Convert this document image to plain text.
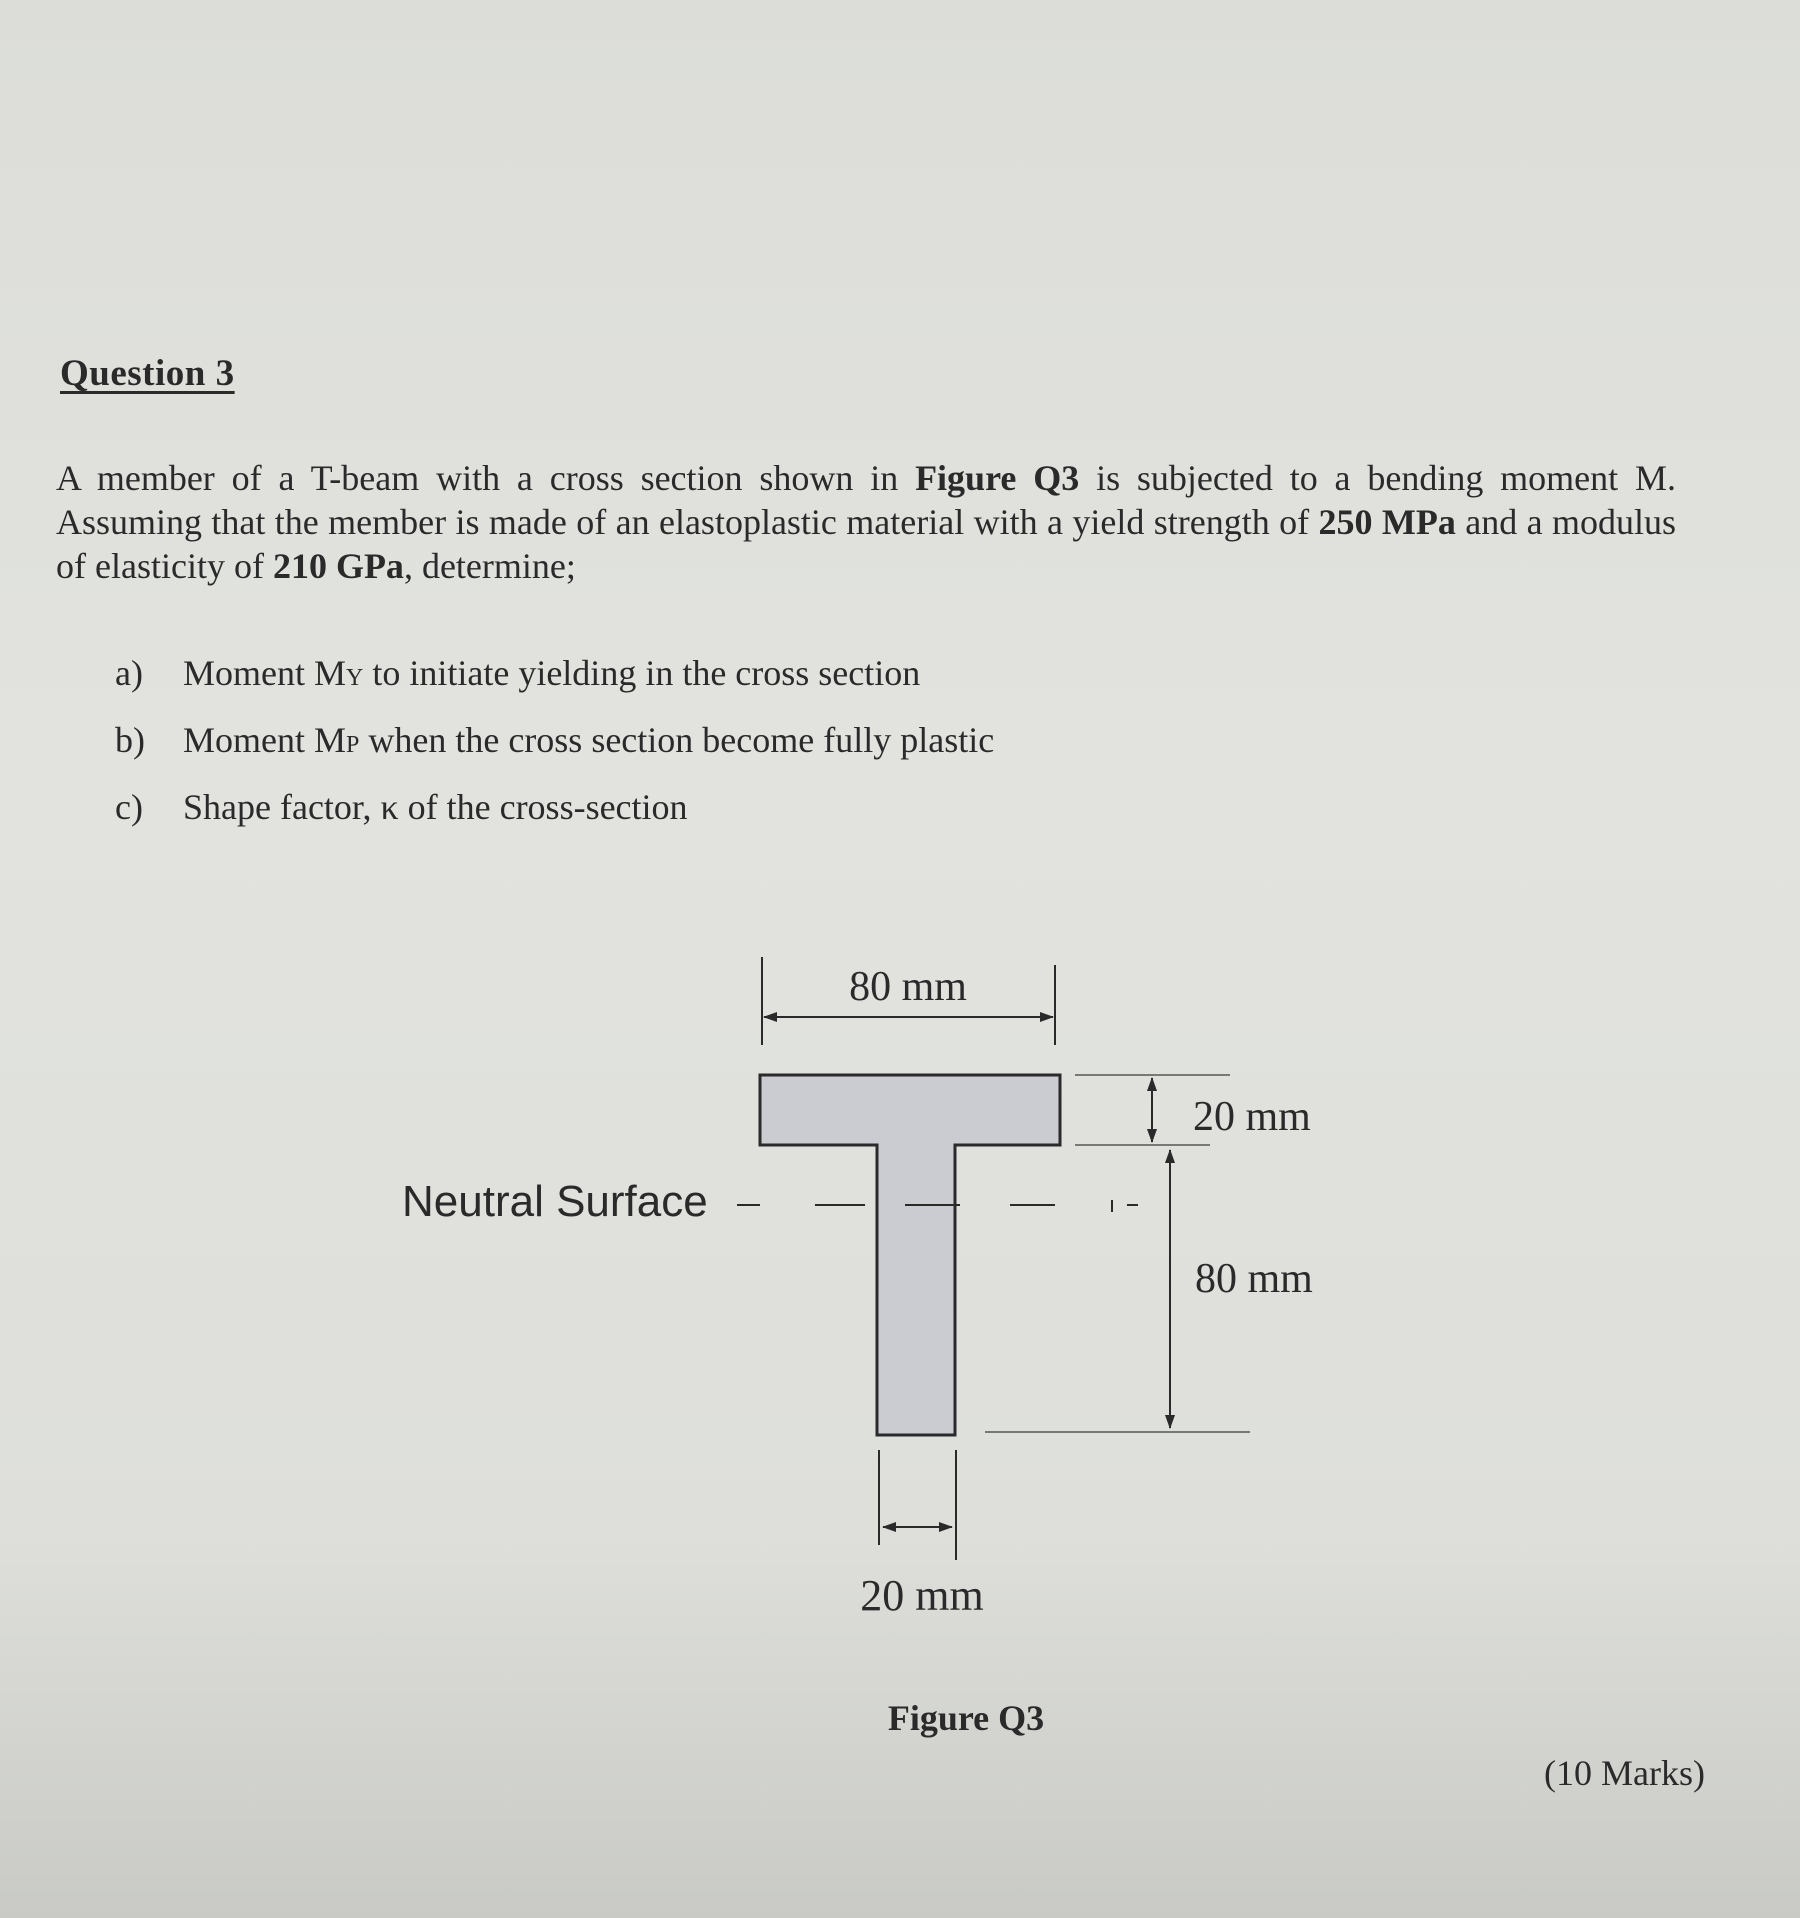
Question 3
A member of a T-beam with a cross section shown in Figure Q3 is subjected to a bending moment M. Assuming that the member is made of an elastoplastic material with a yield strength of 250 MPa and a modulus of elasticity of 210 GPa, determine;
a)	Moment MY to initiate yielding in the cross section
b)	Moment MP when the cross section become fully plastic
c)	Shape factor, κ of the cross-section
80 mm
20 mm
80 mm
Neutral Surface
20 mm
Figure Q3
(10 Marks)
